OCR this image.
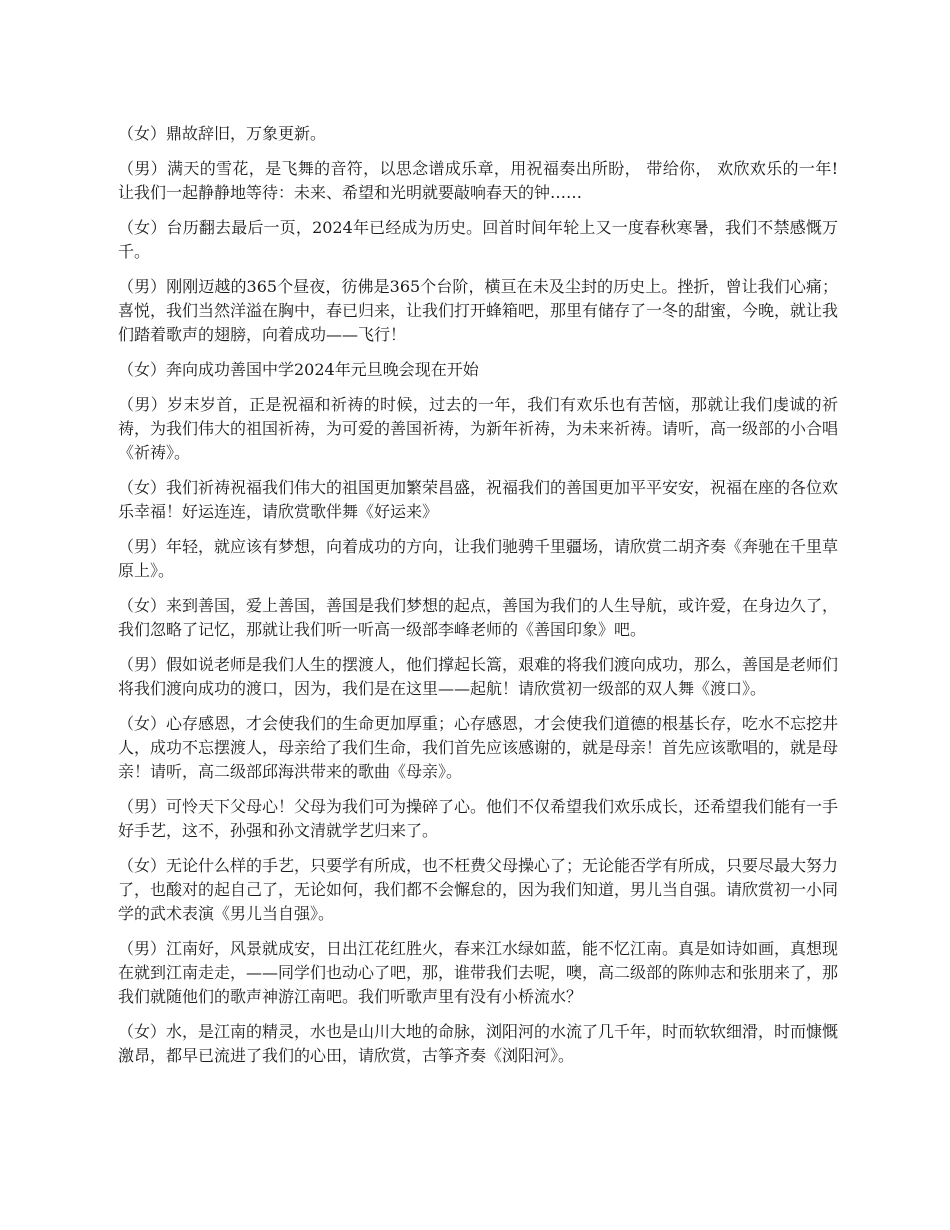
（女）鼎故辞旧，万象更新。

（男）满天的雪花，是飞舞的音符，以思念谱成乐章，用祝福奏出所盼， 带给你， 欢欣欢乐的一年! 让我们一起静静地等待：未来、希望和光明就要敲响春天的钟……

（女）台历翻去最后一页，2024年已经成为历史。回首时间年轮上又一度春秋寒暑，我们不禁感慨万千。

（男）刚刚迈越的365个昼夜，彷佛是365个台阶，横亘在未及尘封的历史上。挫折，曾让我们心痛；喜悦，我们当然洋溢在胸中，春已归来，让我们打开蜂箱吧，那里有储存了一冬的甜蜜，今晚，就让我们踏着歌声的翅膀，向着成功——飞行！

（女）奔向成功善国中学2024年元旦晚会现在开始

（男）岁末岁首，正是祝福和祈祷的时候，过去的一年，我们有欢乐也有苦恼，那就让我们虔诚的祈祷，为我们伟大的祖国祈祷，为可爱的善国祈祷，为新年祈祷，为未来祈祷。请听，高一级部的小合唱《祈祷》。

（女）我们祈祷祝福我们伟大的祖国更加繁荣昌盛，祝福我们的善国更加平平安安，祝福在座的各位欢乐幸福！好运连连，请欣赏歌伴舞《好运来》

（男）年轻，就应该有梦想，向着成功的方向，让我们驰骋千里疆场，请欣赏二胡齐奏《奔驰在千里草原上》。

（女）来到善国，爱上善国，善国是我们梦想的起点，善国为我们的人生导航，或许爱，在身边久了，我们忽略了记忆，那就让我们听一听高一级部李峰老师的《善国印象》吧。

（男）假如说老师是我们人生的摆渡人，他们撑起长篙，艰难的将我们渡向成功，那么，善国是老师们将我们渡向成功的渡口，因为，我们是在这里——起航！请欣赏初一级部的双人舞《渡口》。

（女）心存感恩，才会使我们的生命更加厚重；心存感恩，才会使我们道德的根基长存，吃水不忘挖井人，成功不忘摆渡人，母亲给了我们生命，我们首先应该感谢的，就是母亲！首先应该歌唱的，就是母亲！请听，高二级部邱海洪带来的歌曲《母亲》。

（男）可怜天下父母心！父母为我们可为操碎了心。他们不仅希望我们欢乐成长，还希望我们能有一手好手艺，这不，孙强和孙文清就学艺归来了。

（女）无论什么样的手艺，只要学有所成，也不枉费父母操心了；无论能否学有所成，只要尽最大努力了，也酸对的起自己了，无论如何，我们都不会懈怠的，因为我们知道，男儿当自强。请欣赏初一小同学的武术表演《男儿当自强》。

（男）江南好，风景就成安，日出江花红胜火，春来江水绿如蓝，能不忆江南。真是如诗如画，真想现在就到江南走走，——同学们也动心了吧，那，谁带我们去呢，噢，高二级部的陈帅志和张朋来了，那我们就随他们的歌声神游江南吧。我们听歌声里有没有小桥流水？

（女）水，是江南的精灵，水也是山川大地的命脉，浏阳河的水流了几千年，时而软软细滑，时而慷慨激昂，都早已流进了我们的心田，请欣赏，古筝齐奏《浏阳河》。
